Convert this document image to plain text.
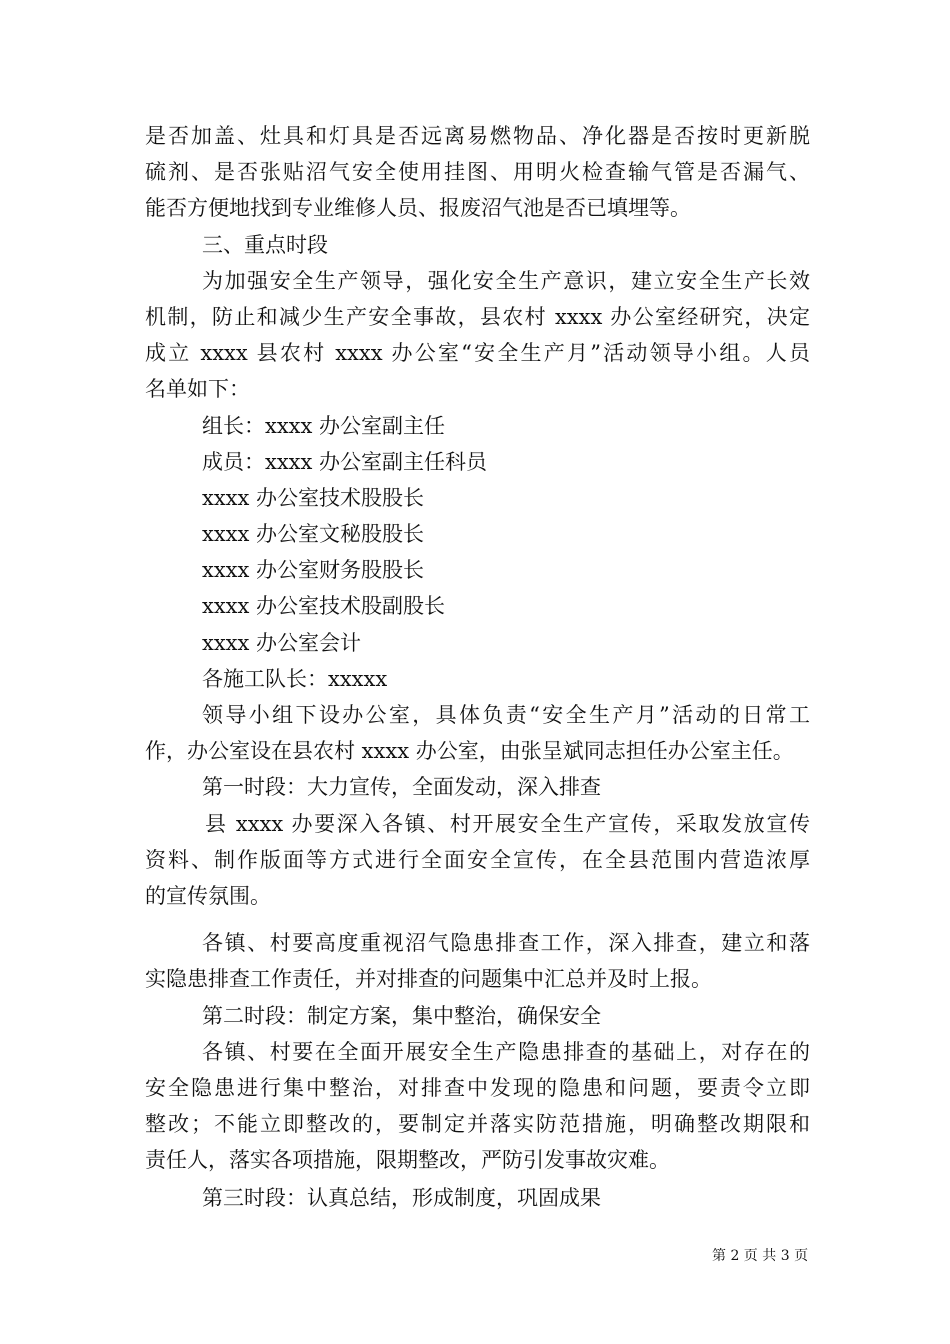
是否加盖、灶具和灯具是否远离易燃物品、净化器是否按时更新脱
硫剂、是否张贴沼气安全使用挂图、用明火检查输气管是否漏气、
能否方便地找到专业维修人员、报废沼气池是否已填埋等。
三、重点时段
为加强安全生产领导，强化安全生产意识，建立安全生产长效
机制，防止和减少生产安全事故，县农村 xxxx 办公室经研究，决定
成立 xxxx 县农村 xxxx 办公室“安全生产月”活动领导小组。人员
名单如下：
组长：xxxx 办公室副主任
成员：xxxx 办公室副主任科员
xxxx 办公室技术股股长
xxxx 办公室文秘股股长
xxxx 办公室财务股股长
xxxx 办公室技术股副股长
xxxx 办公室会计
各施工队长：xxxxx
领导小组下设办公室，具体负责“安全生产月”活动的日常工
作，办公室设在县农村 xxxx 办公室，由张呈斌同志担任办公室主任。
第一时段：大力宣传，全面发动，深入排查
县 xxxx 办要深入各镇、村开展安全生产宣传，采取发放宣传
资料、制作版面等方式进行全面安全宣传，在全县范围内营造浓厚
的宣传氛围。
各镇、村要高度重视沼气隐患排查工作，深入排查，建立和落
实隐患排查工作责任，并对排查的问题集中汇总并及时上报。
第二时段：制定方案，集中整治，确保安全
各镇、村要在全面开展安全生产隐患排查的基础上，对存在的
安全隐患进行集中整治，对排查中发现的隐患和问题，要责令立即
整改；不能立即整改的，要制定并落实防范措施，明确整改期限和
责任人，落实各项措施，限期整改，严防引发事故灾难。
第三时段：认真总结，形成制度，巩固成果
第 2 页 共 3 页
